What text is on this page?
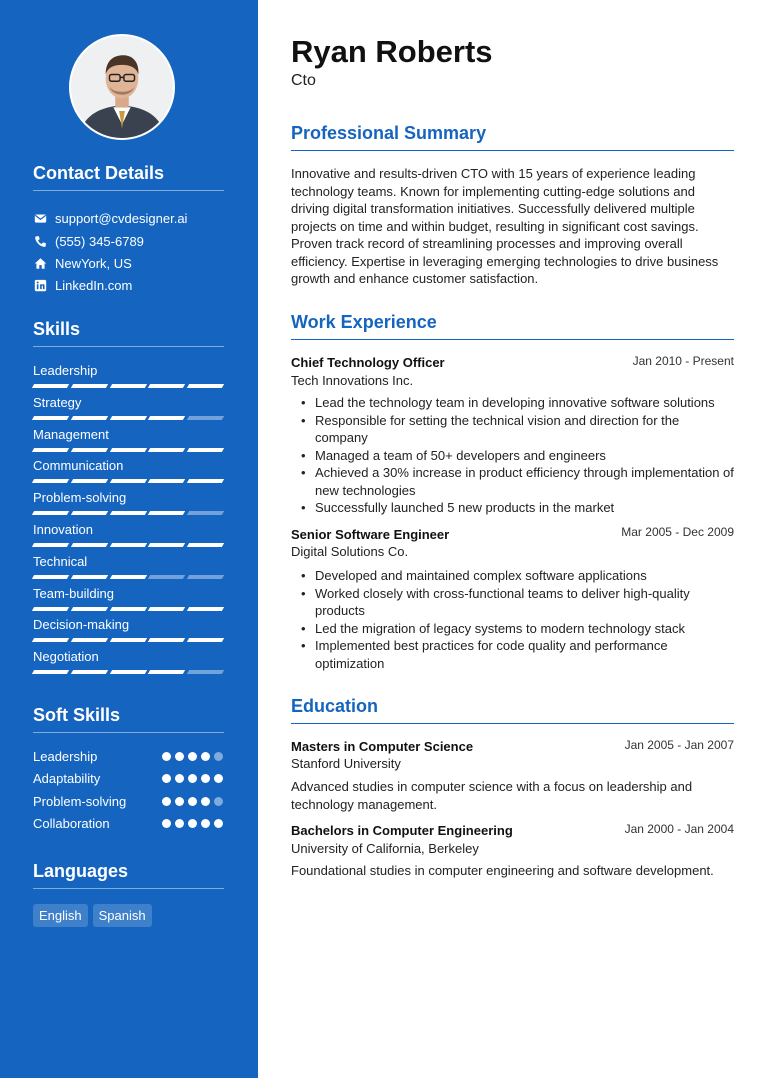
Contact Details
support@cvdesigner.ai
(555) 345-6789
NewYork, US
LinkedIn.com
Skills
Leadership
Strategy
Management
Communication
Problem-solving
Innovation
Technical
Team-building
Decision-making
Negotiation
Soft Skills
Leadership
Adaptability
Problem-solving
Collaboration
Languages
English	Spanish
Ryan Roberts
Cto
Professional Summary
Innovative and results-driven CTO with 15 years of experience leading technology teams. Known for implementing cutting-edge solutions and driving digital transformation initiatives. Successfully delivered multiple projects on time and within budget, resulting in significant cost savings. Proven track record of streamlining processes and improving overall efficiency. Expertise in leveraging emerging technologies to drive business growth and enhance customer satisfaction.
Work Experience
Chief Technology Officer	Jan 2010 - Present
Tech Innovations Inc.
• Lead the technology team in developing innovative software solutions
• Responsible for setting the technical vision and direction for the company
• Managed a team of 50+ developers and engineers
• Achieved a 30% increase in product efficiency through implementation of new technologies
• Successfully launched 5 new products in the market
Senior Software Engineer	Mar 2005 - Dec 2009
Digital Solutions Co.
• Developed and maintained complex software applications
• Worked closely with cross-functional teams to deliver high-quality products
• Led the migration of legacy systems to modern technology stack
• Implemented best practices for code quality and performance optimization
Education
Masters in Computer Science	Jan 2005 - Jan 2007
Stanford University
Advanced studies in computer science with a focus on leadership and technology management.
Bachelors in Computer Engineering	Jan 2000 - Jan 2004
University of California, Berkeley
Foundational studies in computer engineering and software development.
